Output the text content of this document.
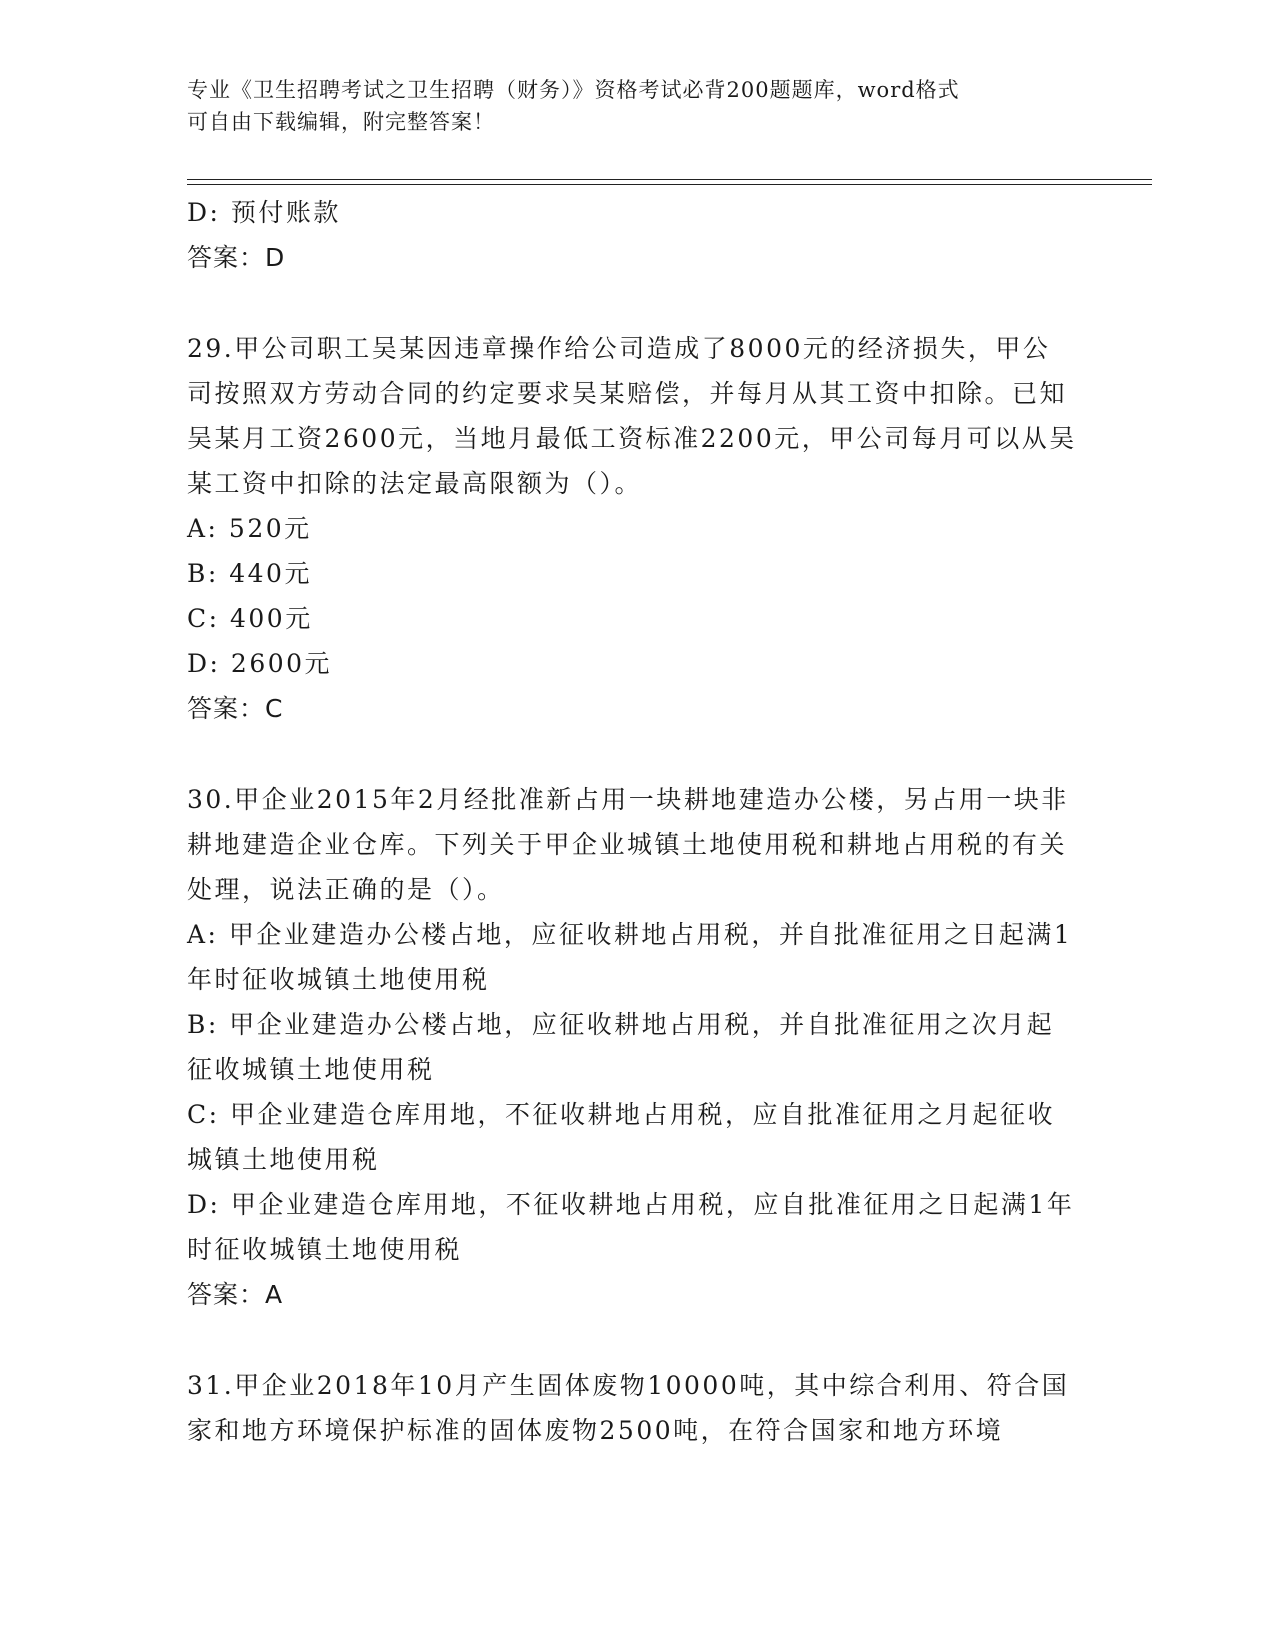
专业《卫生招聘考试之卫生招聘（财务）》资格考试必背200题题库，word格式
可自由下载编辑，附完整答案！

D: 预付账款

答案：D

29.甲公司职工吴某因违章操作给公司造成了8000元的经济损失，甲公司按照双方劳动合同的约定要求吴某赔偿，并每月从其工资中扣除。已知吴某月工资2600元，当地月最低工资标准2200元，甲公司每月可以从吴某工资中扣除的法定最高限额为（）。

A: 520元

B: 440元

C: 400元

D: 2600元

答案：C

30.甲企业2015年2月经批准新占用一块耕地建造办公楼，另占用一块非耕地建造企业仓库。下列关于甲企业城镇土地使用税和耕地占用税的有关处理，说法正确的是（）。

A: 甲企业建造办公楼占地，应征收耕地占用税，并自批准征用之日起满1年时征收城镇土地使用税

B: 甲企业建造办公楼占地，应征收耕地占用税，并自批准征用之次月起征收城镇土地使用税

C: 甲企业建造仓库用地，不征收耕地占用税，应自批准征用之月起征收城镇土地使用税

D: 甲企业建造仓库用地，不征收耕地占用税，应自批准征用之日起满1年时征收城镇土地使用税

答案：A

31.甲企业2018年10月产生固体废物10000吨，其中综合利用、符合国家和地方环境保护标准的固体废物2500吨，在符合国家和地方环境
